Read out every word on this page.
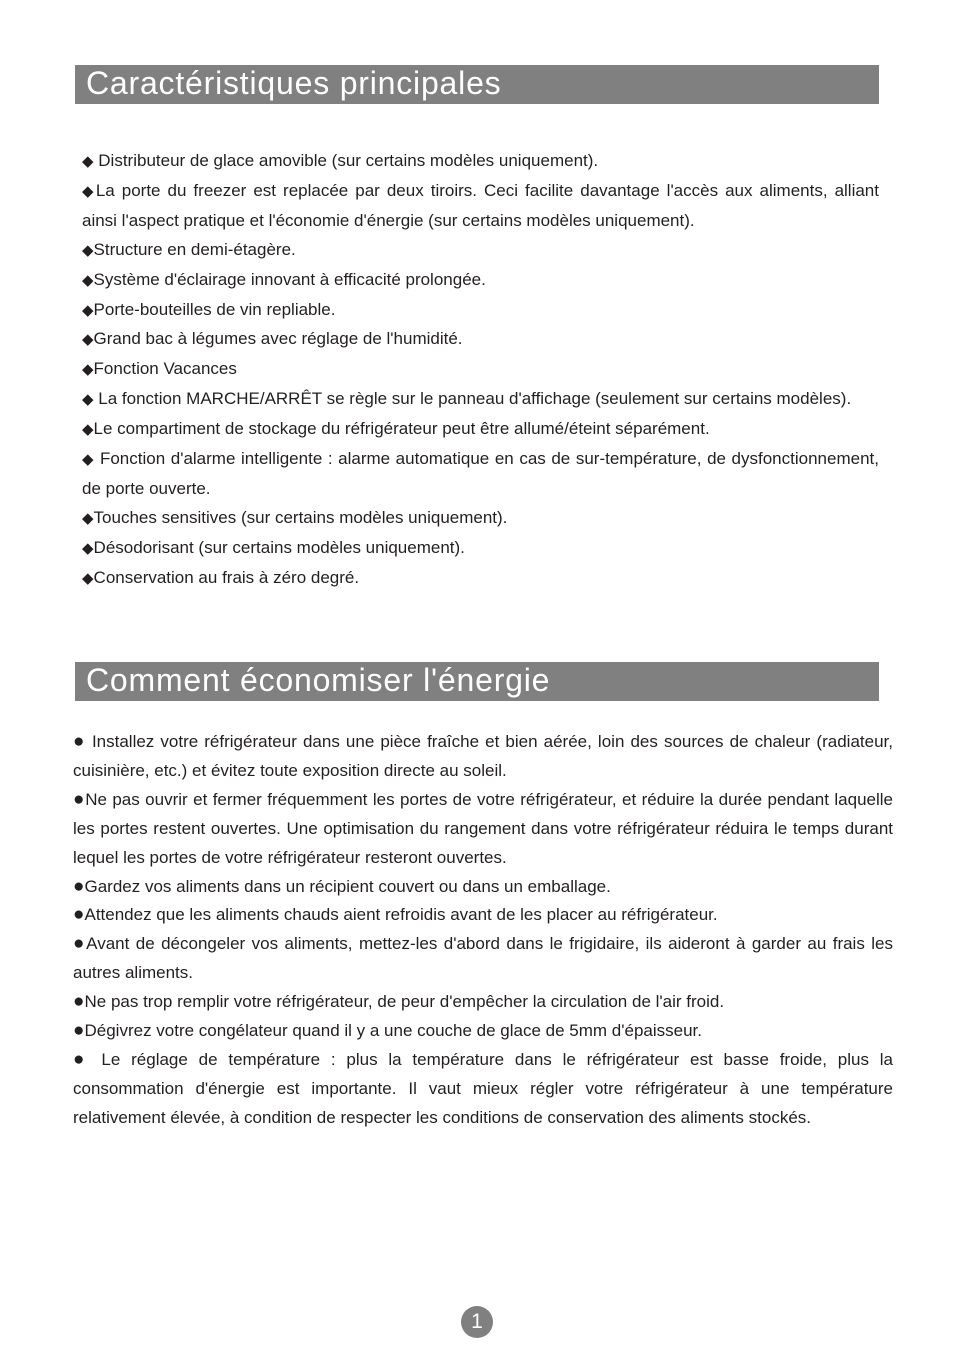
Caractéristiques principales
◆ Distributeur de glace amovible (sur certains modèles uniquement).
◆La porte du freezer est replacée par deux tiroirs. Ceci facilite davantage l'accès aux aliments, alliant ainsi l'aspect pratique et l'économie d'énergie (sur certains modèles uniquement).
◆Structure en demi-étagère.
◆Système d'éclairage innovant à efficacité prolongée.
◆Porte-bouteilles de vin repliable.
◆Grand bac à légumes avec réglage de l'humidité.
◆Fonction Vacances
◆ La fonction MARCHE/ARRÊT se règle sur le panneau d'affichage (seulement sur certains modèles).
◆Le compartiment de stockage du réfrigérateur peut être allumé/éteint séparément.
◆ Fonction d'alarme intelligente : alarme automatique en cas de sur-température, de dysfonctionnement, de porte ouverte.
◆Touches sensitives (sur certains modèles uniquement).
◆Désodorisant (sur certains modèles uniquement).
◆Conservation au frais à zéro degré.
Comment économiser l'énergie
● Installez votre réfrigérateur dans une pièce fraîche et bien aérée, loin des sources de chaleur (radiateur, cuisinière, etc.) et évitez toute exposition directe au soleil.
●Ne pas ouvrir et fermer fréquemment les portes de votre réfrigérateur, et réduire la durée pendant laquelle les portes restent ouvertes. Une optimisation du rangement dans votre réfrigérateur réduira le temps durant lequel les portes de votre réfrigérateur resteront ouvertes.
●Gardez vos aliments dans un récipient couvert ou dans un emballage.
●Attendez que les aliments chauds aient refroidis avant de les placer au réfrigérateur.
●Avant de décongeler vos aliments, mettez-les d'abord dans le frigidaire, ils aideront à garder au frais les autres aliments.
●Ne pas trop remplir votre réfrigérateur, de peur d'empêcher la circulation de l'air froid.
●Dégivrez votre congélateur quand il y a une couche de glace de 5mm d'épaisseur.
● Le réglage de température : plus la température dans le réfrigérateur est basse froide, plus la consommation d'énergie est importante. Il vaut mieux régler votre réfrigérateur à une température relativement élevée, à condition de respecter les conditions de conservation des aliments stockés.
1
